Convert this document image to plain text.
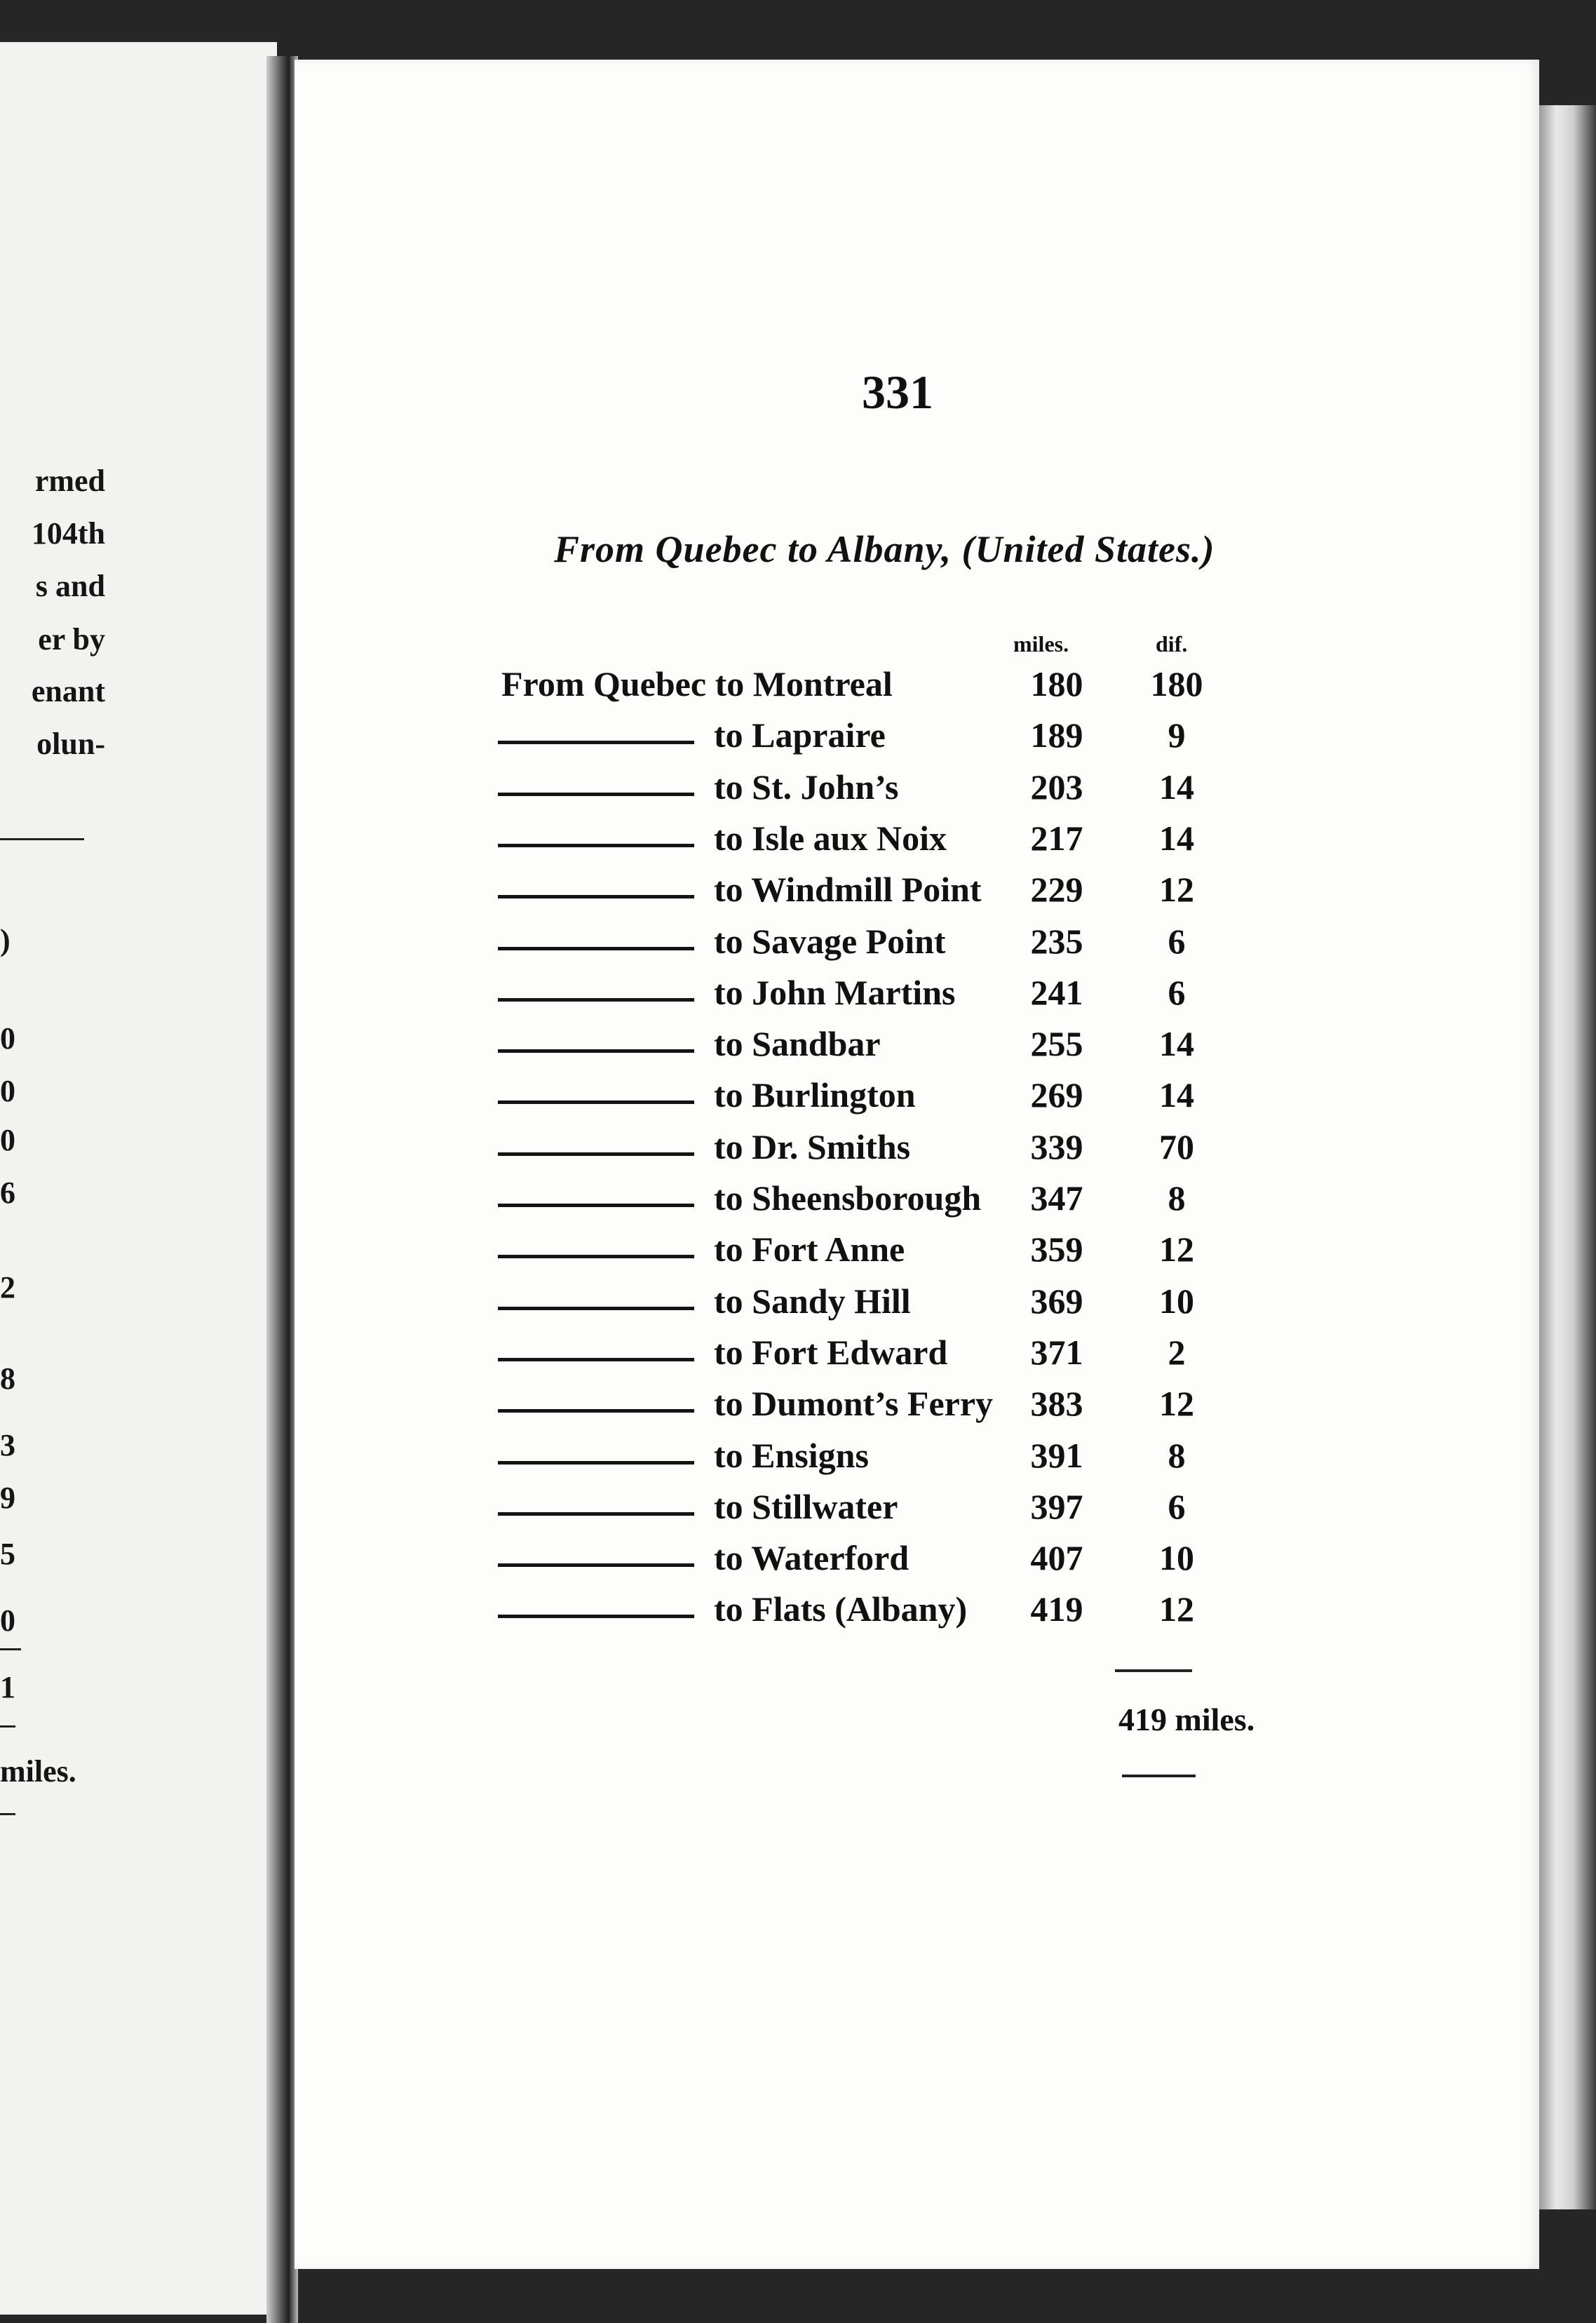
rmed
104th
s and
er by
enant
olun-
)
0
0
0
6
2
8
3
9
5
0
1
miles.
331
From Quebec to Albany, (United States.)
miles.	dif.
From Quebec to Montreal	180	180
to Lapraire	189	9
to St. John’s	203	14
to Isle aux Noix	217	14
to Windmill Point	229	12
to Savage Point	235	6
to John Martins	241	6
to Sandbar	255	14
to Burlington	269	14
to Dr. Smiths	339	70
to Sheensborough	347	8
to Fort Anne	359	12
to Sandy Hill	369	10
to Fort Edward	371	2
to Dumont’s Ferry	383	12
to Ensigns	391	8
to Stillwater	397	6
to Waterford	407	10
to Flats (Albany)	419	12
419 miles.
